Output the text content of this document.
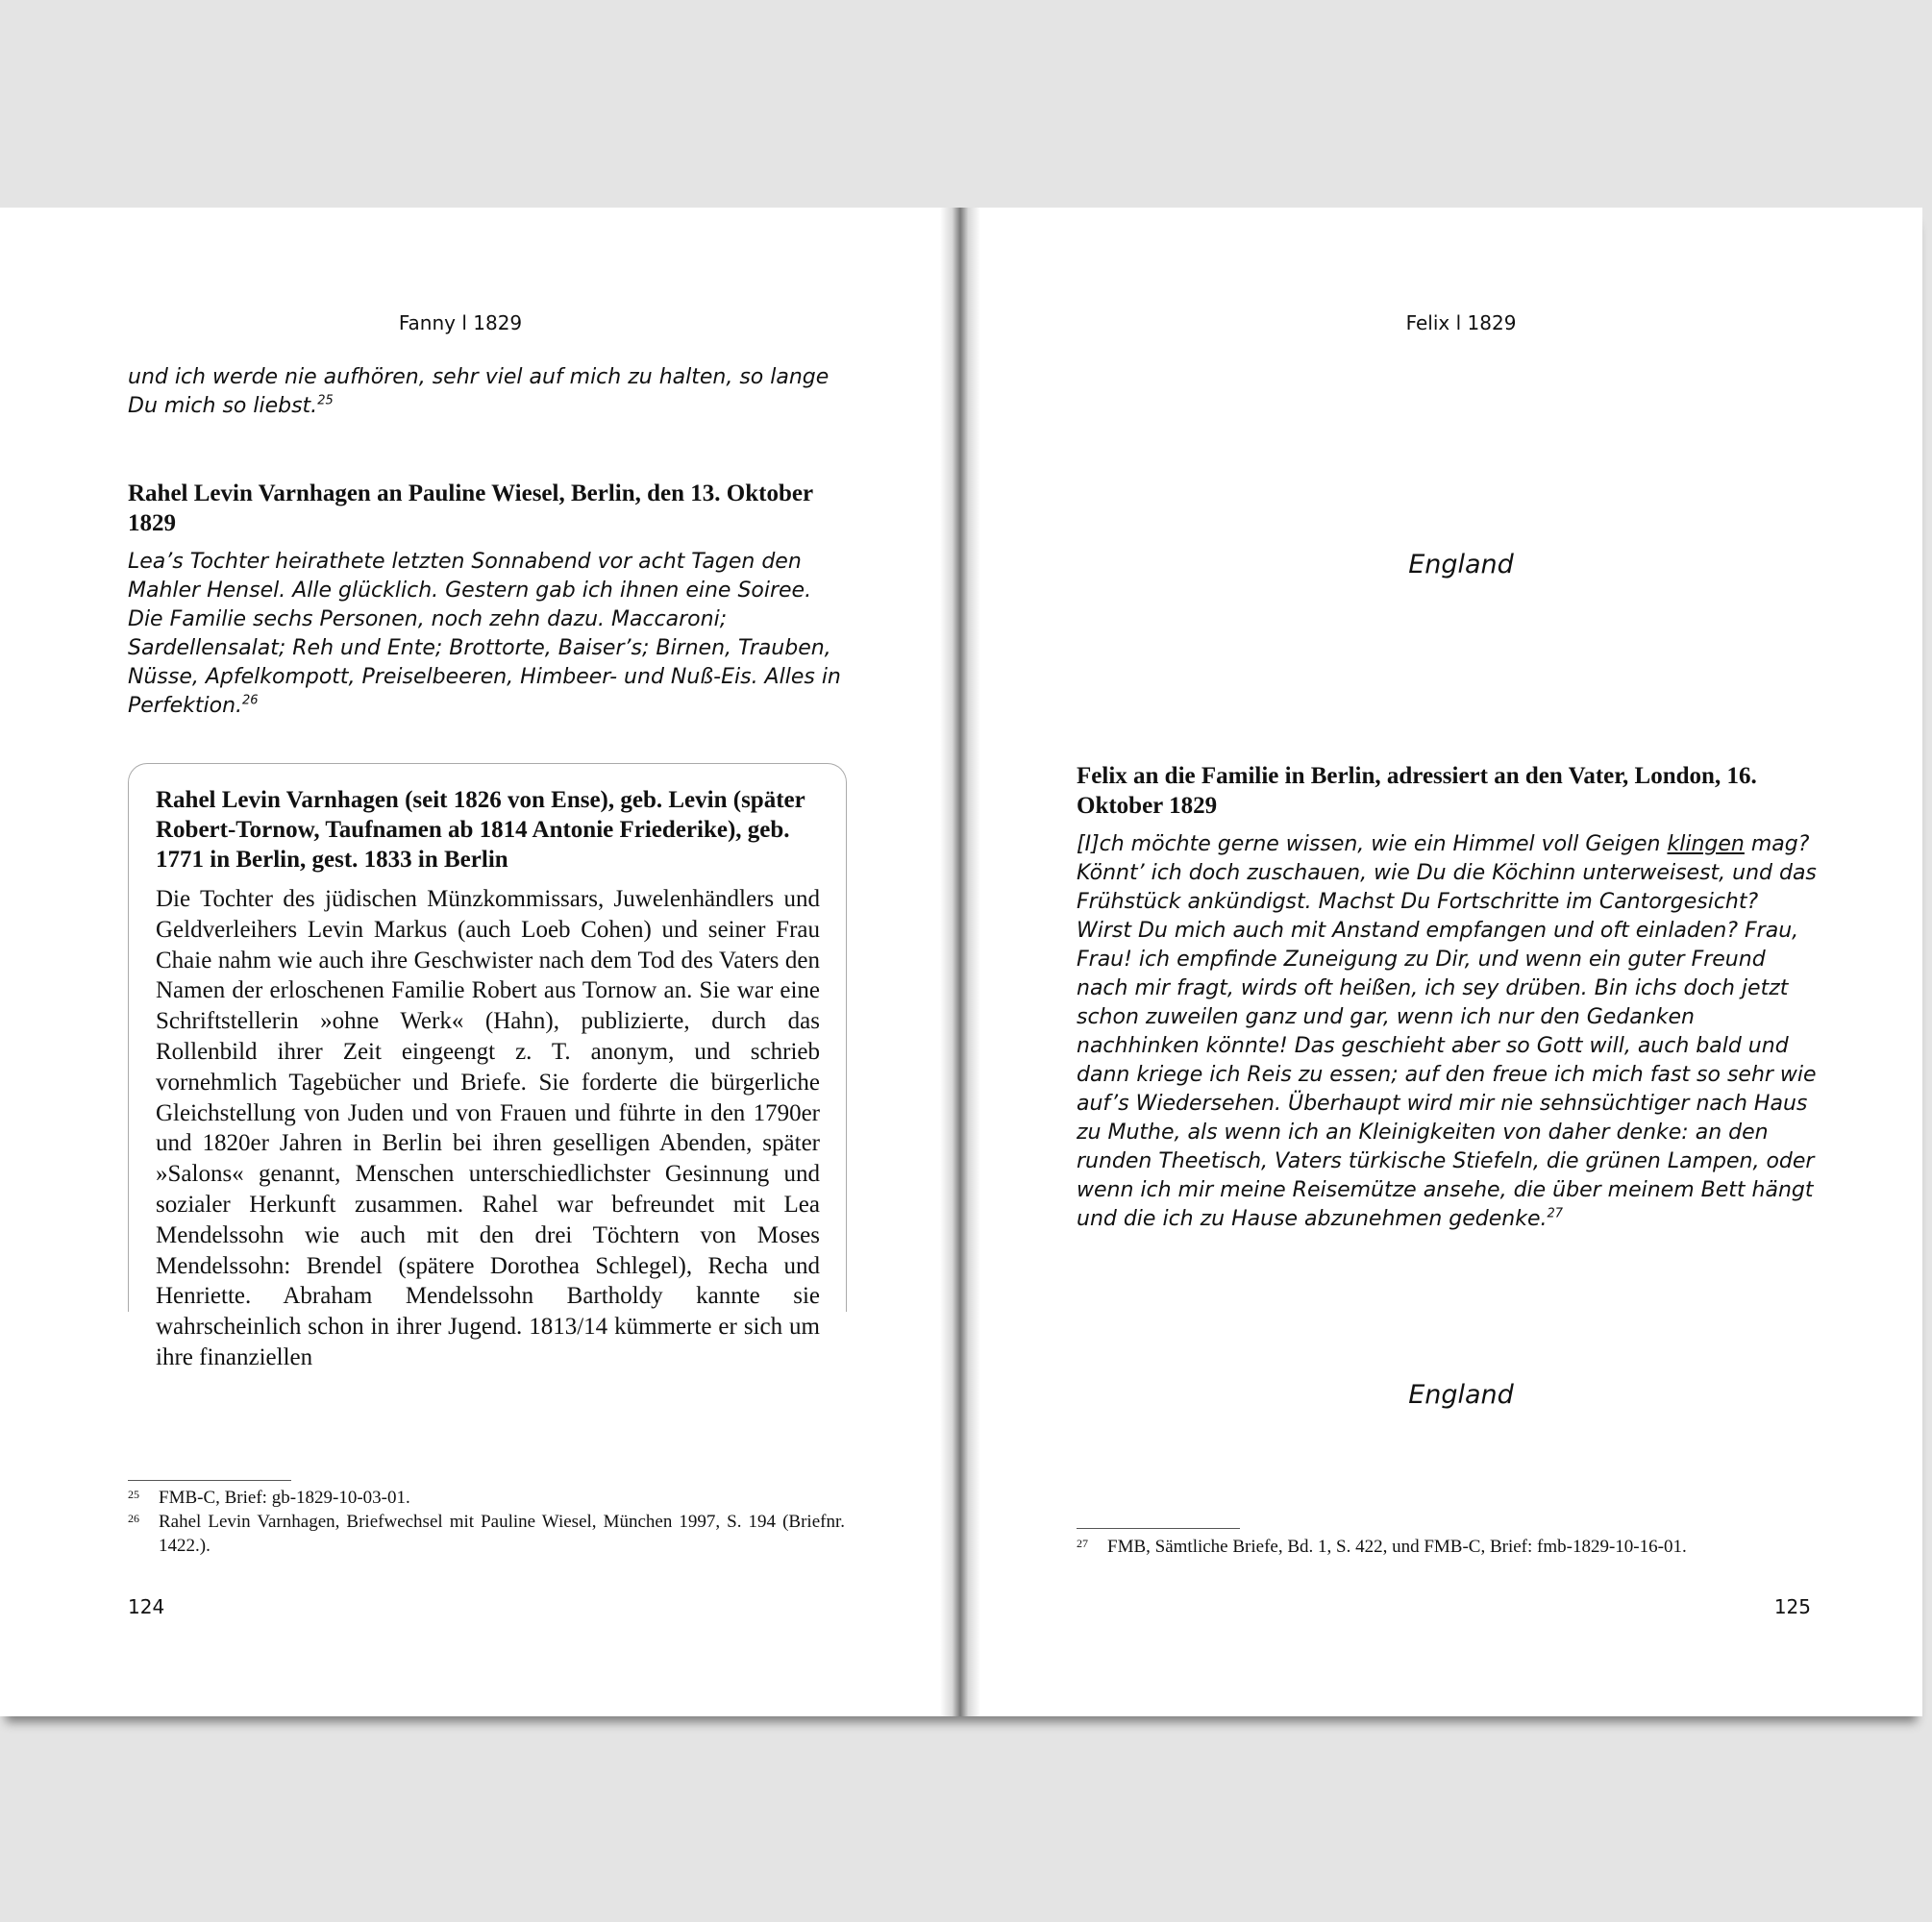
Fanny l 1829

und ich werde nie aufhören, sehr viel auf mich zu halten, so lange Du mich so liebst.$^{25}$

Rahel Levin Varnhagen an Pauline Wiesel, Berlin, den 13. Oktober 1829

Lea’s Tochter heirathete letzten Sonnabend vor acht Tagen den Mahler Hensel. Alle glücklich. Gestern gab ich ihnen eine Soiree. Die Familie sechs Personen, noch zehn dazu. Maccaroni; Sardellensalat; Reh und Ente; Brottorte, Baiser’s; Birnen, Trauben, Nüsse, Apfelkompott, Preiselbeeren, Himbeer- und Nuß-Eis. Alles in Perfektion.$^{26}$

Rahel Levin Varnhagen (seit 1826 von Ense), geb. Levin (später Robert-Tornow, Taufnamen ab 1814 Antonie Friederike), geb. 1771 in Berlin, gest. 1833 in Berlin

Die Tochter des jüdischen Münzkommissars, Juwelenhändlers und Geldverleihers Levin Markus (auch Loeb Cohen) und seiner Frau Chaie nahm wie auch ihre Geschwister nach dem Tod des Vaters den Namen der erloschenen Familie Robert aus Tornow an. Sie war eine Schriftstellerin »ohne Werk« (Hahn), publizierte, durch das Rollenbild ihrer Zeit eingeengt z. T. anonym, und schrieb vornehmlich Tagebücher und Briefe. Sie forderte die bürgerliche Gleichstellung von Juden und von Frauen und führte in den 1790er und 1820er Jahren in Berlin bei ihren geselligen Abenden, später »Salons« genannt, Menschen unterschiedlichster Gesinnung und sozialer Herkunft zusammen. Rahel war befreundet mit Lea Mendelssohn wie auch mit den drei Töchtern von Moses Mendelssohn: Brendel (spätere Dorothea Schlegel), Recha und Henriette. Abraham Mendelssohn Bartholdy kannte sie wahrscheinlich schon in ihrer Jugend. 1813/14 kümmerte er sich um ihre finanziellen

25	FMB-C, Brief: gb-1829-10-03-01.
26	Rahel Levin Varnhagen, Briefwechsel mit Pauline Wiesel, München 1997, S. 194 (Briefnr. 1422.).
124
Felix l 1829
England

Felix an die Familie in Berlin, adressiert an den Vater, London, 16. Oktober 1829

[I]ch möchte gerne wissen, wie ein Himmel voll Geigen klingen mag? Könnt’ ich doch zuschauen, wie Du die Köchinn unterweisest, und das Frühstück ankündigst. Machst Du Fortschritte im Cantorgesicht? Wirst Du mich auch mit Anstand empfangen und oft einladen? Frau, Frau! ich empfinde Zuneigung zu Dir, und wenn ein guter Freund nach mir fragt, wirds oft heißen, ich sey drüben. Bin ichs doch jetzt schon zuweilen ganz und gar, wenn ich nur den Gedanken nachhinken könnte! Das geschieht aber so Gott will, auch bald und dann kriege ich Reis zu essen; auf den freue ich mich fast so sehr wie auf’s Wiedersehen. Überhaupt wird mir nie sehnsüchtiger nach Haus zu Muthe, als wenn ich an Kleinigkeiten von daher denke: an den runden Theetisch, Vaters türkische Stiefeln, die grünen Lampen, oder wenn ich mir meine Reisemütze ansehe, die über meinem Bett hängt und die ich zu Hause abzunehmen gedenke.$^{27}$

England
27	FMB, Sämtliche Briefe, Bd. 1, S. 422, und FMB-C, Brief: fmb-1829-10-16-01.
125
